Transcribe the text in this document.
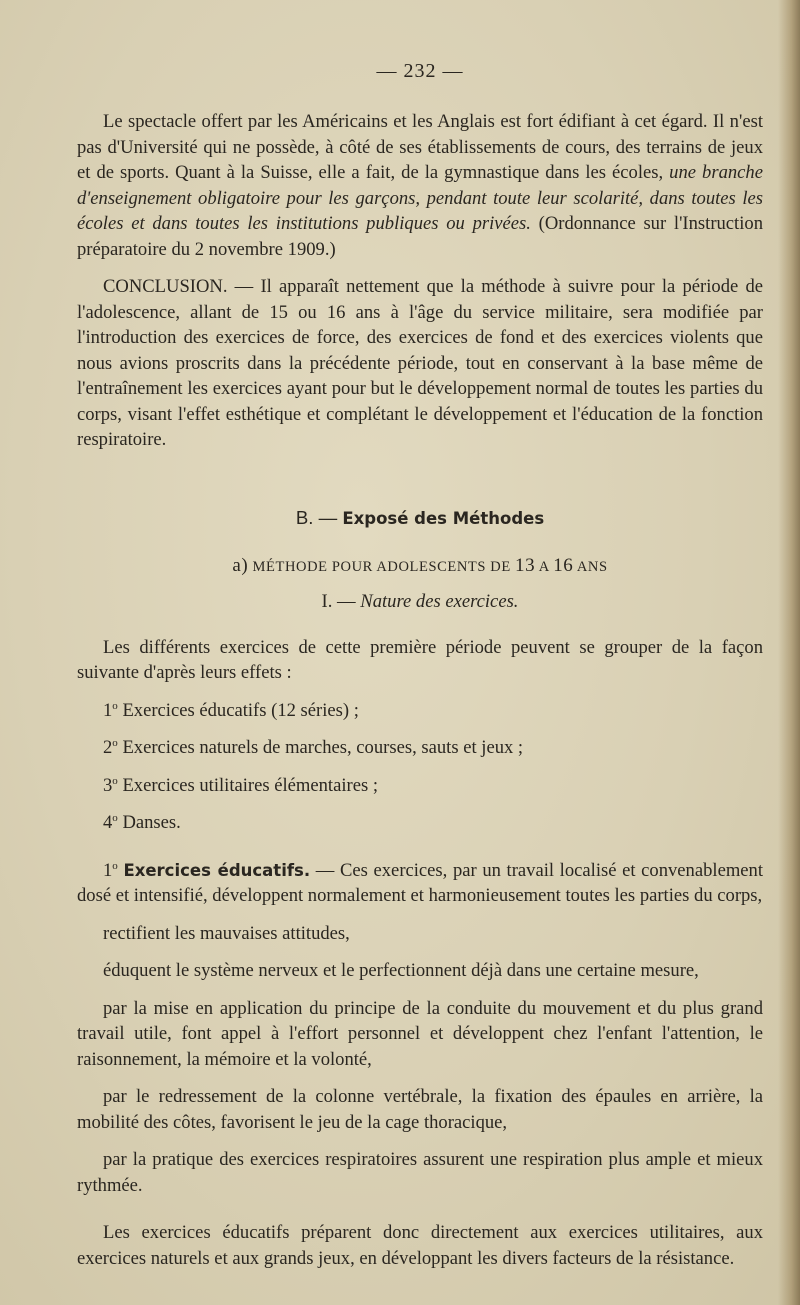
— 232 —

Le spectacle offert par les Américains et les Anglais est fort édifiant à cet égard. Il n'est pas d'Université qui ne possède, à côté de ses établissements de cours, des terrains de jeux et de sports. Quant à la Suisse, elle a fait, de la gymnastique dans les écoles, une branche d'enseignement obligatoire pour les garçons, pendant toute leur scolarité, dans toutes les écoles et dans toutes les institutions publiques ou privées. (Ordonnance sur l'Instruction préparatoire du 2 novembre 1909.)

CONCLUSION. — Il apparaît nettement que la méthode à suivre pour la période de l'adolescence, allant de 15 ou 16 ans à l'âge du service militaire, sera modifiée par l'introduction des exercices de force, des exercices de fond et des exercices violents que nous avions proscrits dans la précédente période, tout en conservant à la base même de l'entraînement les exercices ayant pour but le développement normal de toutes les parties du corps, visant l'effet esthétique et complétant le développement et l'éducation de la fonction respiratoire.

B. — Exposé des Méthodes
a) MÉTHODE POUR ADOLESCENTS DE 13 A 16 ANS
I. — Nature des exercices.

Les différents exercices de cette première période peuvent se grouper de la façon suivante d'après leurs effets :

1$^o$ Exercices éducatifs (12 séries) ;

2$^o$ Exercices naturels de marches, courses, sauts et jeux ;

3$^o$ Exercices utilitaires élémentaires ;

4$^o$ Danses.

1$^o$ Exercices éducatifs. — Ces exercices, par un travail localisé et convenablement dosé et intensifié, développent normalement et harmonieusement toutes les parties du corps,

rectifient les mauvaises attitudes,

éduquent le système nerveux et le perfectionnent déjà dans une certaine mesure,

par la mise en application du principe de la conduite du mouvement et du plus grand travail utile, font appel à l'effort personnel et développent chez l'enfant l'attention, le raisonnement, la mémoire et la volonté,

par le redressement de la colonne vertébrale, la fixation des épaules en arrière, la mobilité des côtes, favorisent le jeu de la cage thoracique,

par la pratique des exercices respiratoires assurent une respiration plus ample et mieux rythmée.

Les exercices éducatifs préparent donc directement aux exercices utilitaires, aux exercices naturels et aux grands jeux, en développant les divers facteurs de la résistance.
